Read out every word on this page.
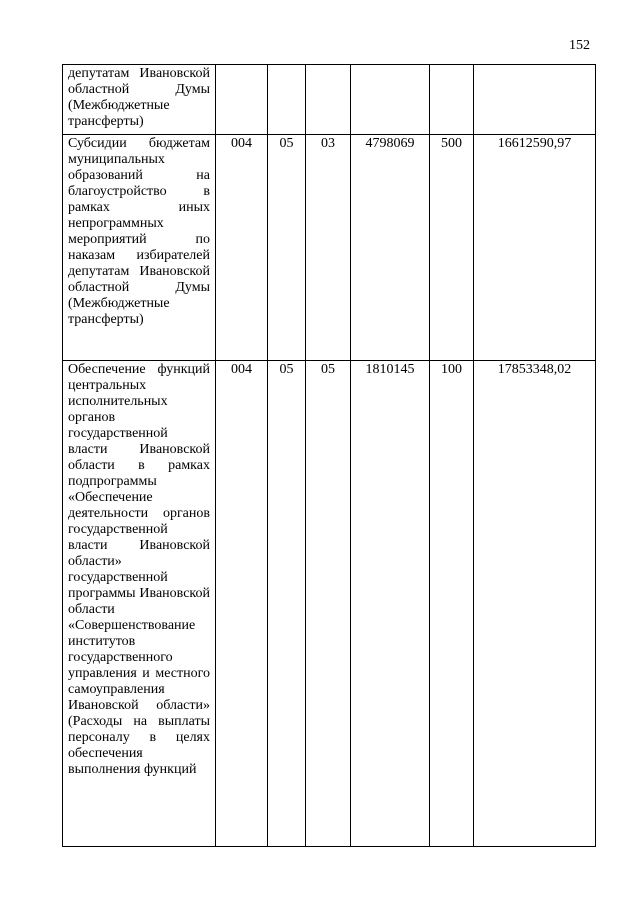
152
депутатам Ивановской областной Думы (Межбюджетные трансферты)						
Субсидии бюджетам муниципальных образований на благоустройство в рамках иных непрограммных мероприятий по наказам избирателей депутатам Ивановской областной Думы (Межбюджетные трансферты)	004	05	03	4798069	500	16612590,97
Обеспечение функций центральных исполнительных органов государственной власти Ивановской области в рамках подпрограммы «Обеспечение деятельности органов государственной власти Ивановской области» государственной программы Ивановской области «Совершенствование институтов государственного управления и местного самоуправления Ивановской области» (Расходы на выплаты персоналу в целях обеспечения выполнения функций	004	05	05	1810145	100	17853348,02
